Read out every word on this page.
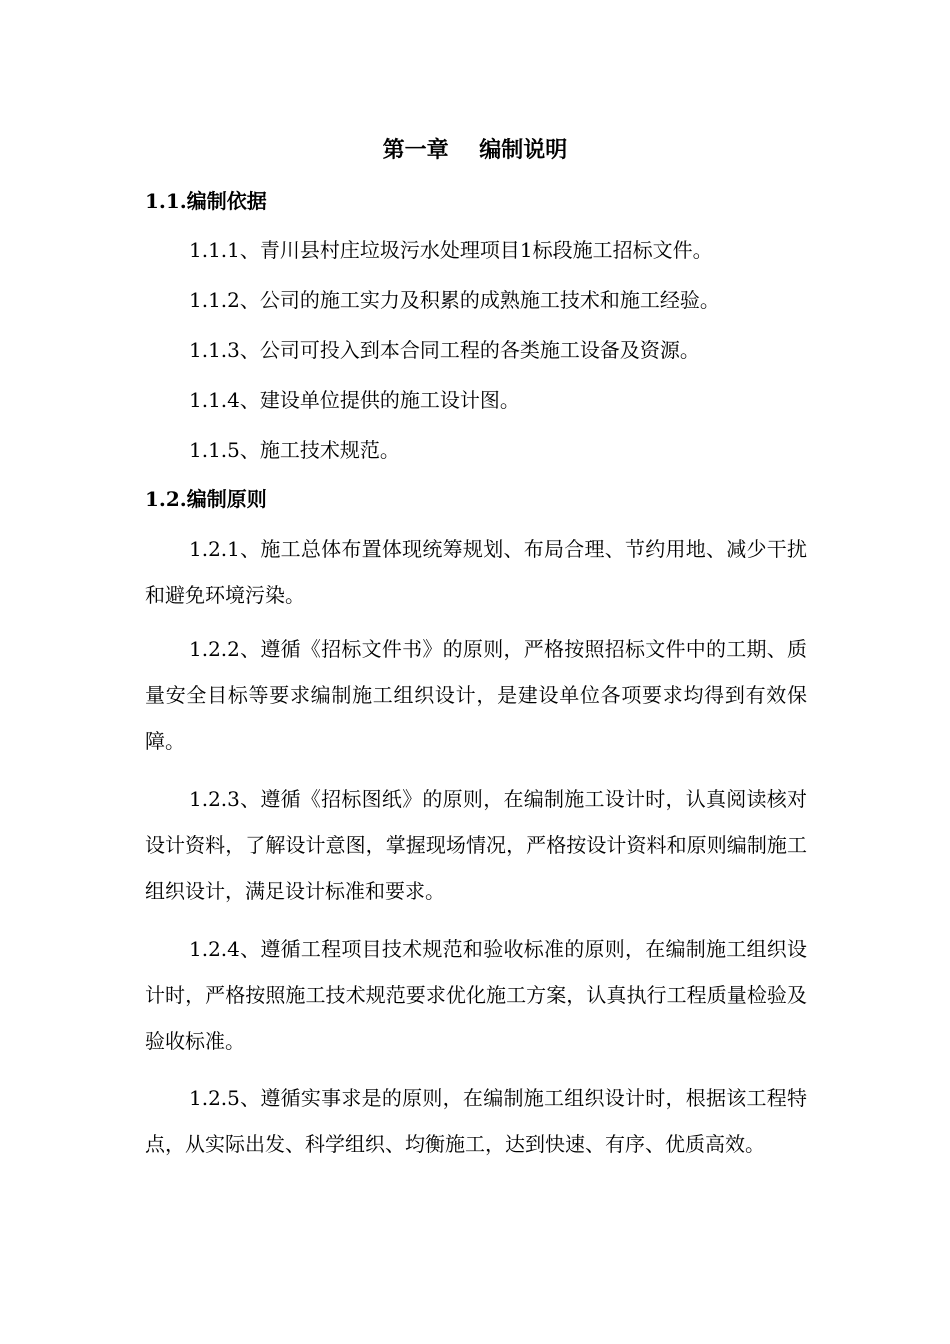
第一章    编制说明
1.1.编制依据
1.1.1、青川县村庄垃圾污水处理项目1标段施工招标文件。
1.1.2、公司的施工实力及积累的成熟施工技术和施工经验。
1.1.3、公司可投入到本合同工程的各类施工设备及资源。
1.1.4、建设单位提供的施工设计图。
1.1.5、施工技术规范。
1.2.编制原则
1.2.1、施工总体布置体现统筹规划、布局合理、节约用地、减少干扰和避免环境污染。
1.2.2、遵循《招标文件书》的原则，严格按照招标文件中的工期、质量安全目标等要求编制施工组织设计，是建设单位各项要求均得到有效保障。
1.2.3、遵循《招标图纸》的原则，在编制施工设计时，认真阅读核对设计资料，了解设计意图，掌握现场情况，严格按设计资料和原则编制施工组织设计，满足设计标准和要求。
1.2.4、遵循工程项目技术规范和验收标准的原则，在编制施工组织设计时，严格按照施工技术规范要求优化施工方案，认真执行工程质量检验及验收标准。
1.2.5、遵循实事求是的原则，在编制施工组织设计时，根据该工程特点，从实际出发、科学组织、均衡施工，达到快速、有序、优质高效。
